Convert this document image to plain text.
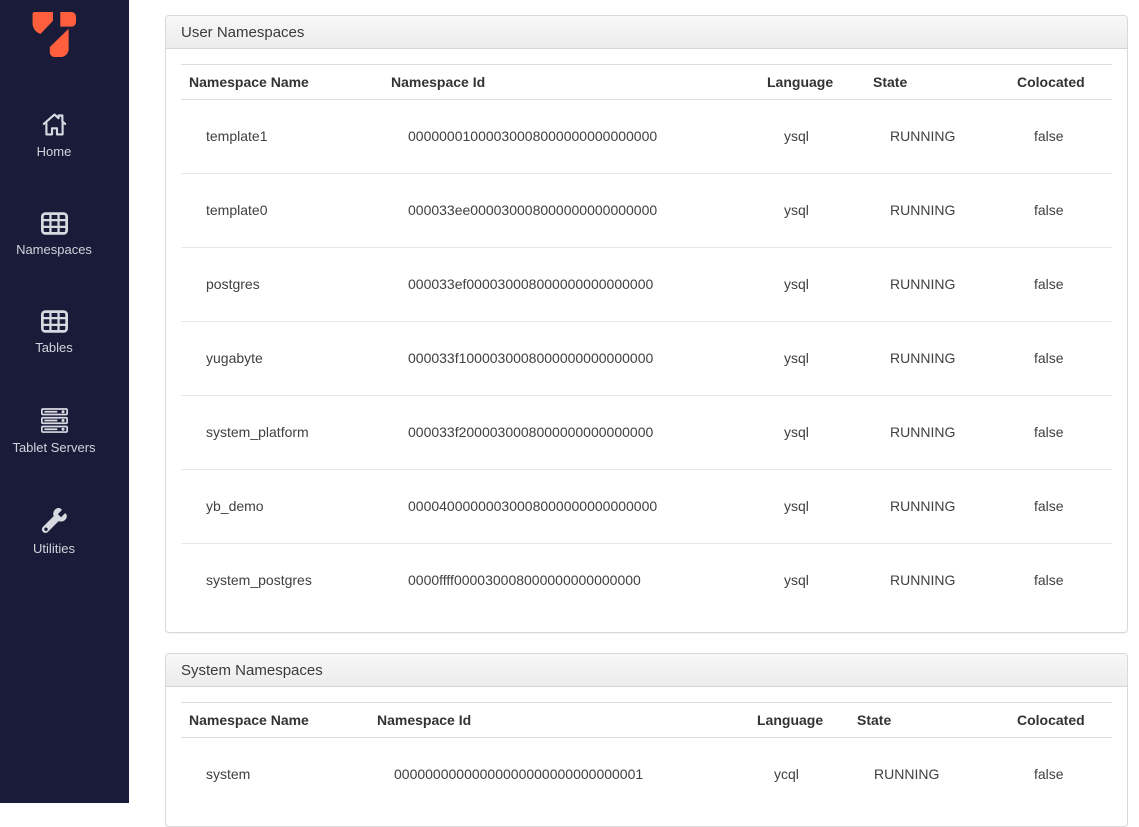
Home
Namespaces
Tables
Tablet Servers
Utilities
User Namespaces
Namespace Name	Namespace Id	Language	State	Colocated
template1	00000001000030008000000000000000	ysql	RUNNING	false
template0	000033ee000030008000000000000000	ysql	RUNNING	false
postgres	000033ef000030008000000000000000	ysql	RUNNING	false
yugabyte	000033f1000030008000000000000000	ysql	RUNNING	false
system_platform	000033f2000030008000000000000000	ysql	RUNNING	false
yb_demo	00004000000030008000000000000000	ysql	RUNNING	false
system_postgres	0000ffff000030008000000000000000	ysql	RUNNING	false
System Namespaces
Namespace Name	Namespace Id	Language	State	Colocated
system	00000000000000000000000000000001	ycql	RUNNING	false
